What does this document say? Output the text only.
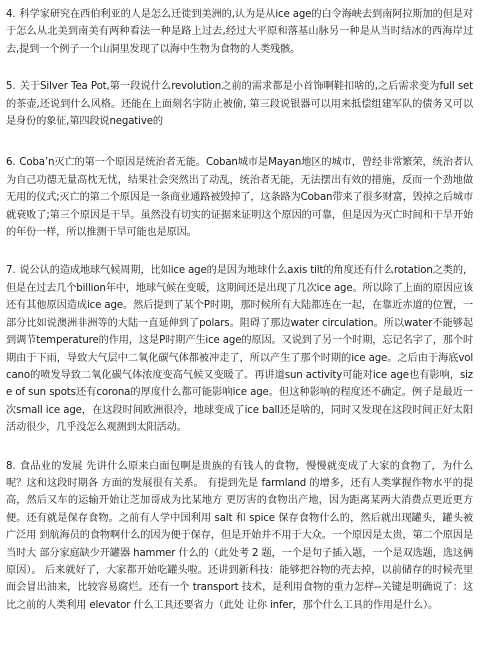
4. 科学家研究在西伯利亚的人是怎么迁徙到美洲的,认为是从ice age的白令海峡去到南阿拉斯加的但是对于怎么从北美到南美有两种看法一种是路上过去,经过大平原和落基山脉另一种是从当时结冰的西海岸过去,提到一个例子一个山洞里发现了以海中生物为食物的人类残骸。

5. 关于Silver Tea Pot,第一段说什么revolution之前的需求都是小首饰啊鞋扣啥的,之后需求变为full set的茶壶,还说到什么风格。还能在上面刻名字防止被偷, 第三段说银器可以用来抵偿组建军队的债务又可以是身份的象征,第四段说negative的

6. Coba’n灭亡的第一个原因是统治者无能。Coban城市是Mayan地区的城市，曾经非常繁荣，统治者认为自己功德无量高枕无忧，结果社会突然出了动乱，统治者无能，无法摆出有效的措施，反而一个劲地做无用的仪式;灭亡的第二个原因是一条商业通路被毁掉了，这条路为Coban带来了很多财富，毁掉之后城市就衰败了;第三个原因是干旱。虽然没有切实的证据来证明这个原因的可靠，但是因为灭亡时间和干旱开始的年份一样，所以推测干旱可能也是原因。

7. 说公认的造成地球气候周期，比如ice age的是因为地球什么axis tilt的角度还有什么rotation之类的，但是在过去几个billion年中，地球气候在变暖，这期间还是出现了几次ice age。所以除了上面的原因应该还有其他原因造成ice age。然后提到了某个P时期，那时候所有大陆都连在一起，在靠近赤道的位置，一部分比如说澳洲非洲等的大陆一直延伸到了polars。阻碍了那边water circulation。所以water不能够起到调节temperature的作用，这是P时期产生ice age的原因。又说到了另一个时期，忘记名字了，那个时期由于下雨，导致大气层中二氧化碳气体都被冲走了，所以产生了那个时期的ice age。之后由于海底volcano的喷发导致二氧化碳气体浓度变高气候又变暖了。再讲道sun activity可能对ice age也有影响，size of sun spots还有corona的厚度什么都可能影响ice age。但这种影响的程度还不确定。例子是最近一次small ice age，在这段时间欧洲很冷，地球变成了ice ball还是啥的，同时又发现在这段时间正好太阳活动很少，几乎没怎么观测到太阳活动。

8. 食品业的发展 先讲什么原来白面包啊是贵族的有钱人的食物，慢慢就变成了大家的食物了，为什么呢？这和这段时期各 方面的发展很有关系。 有提到先是 farmland 的增多，还有人类掌握作物水平的提高，然后又车的运输开始让芝加哥成为比某地方 更厉害的食物出产地，因为距离某两大消费点更近更方便。还有就是保存食物。之前有人学中国利用 salt 和 spice 保存食物什么的，然后就出现罐头，罐头被广泛用 到航海员的食物啊什么的因为便于保存，但是开始并不用于大众。一个原因是太贵，第二个原因是当时大 部分家庭缺少开罐器 hammer 什么的（此处考 2 题，一个是句子插入题，一个是双选题，选这俩原因）。 后来就好了，大家都开始吃罐头啦。还讲到新科技：能够把谷物的壳去掉，以前储存的时候壳里面会冒出油来，比较容易腐烂。还有一个 transport 技术，是利用食物的重力怎样--关键是明确说了：这比之前的人类利用 elevator 什么工具还要省力（此处 让你 infer，那个什么工具的作用是什么）。
